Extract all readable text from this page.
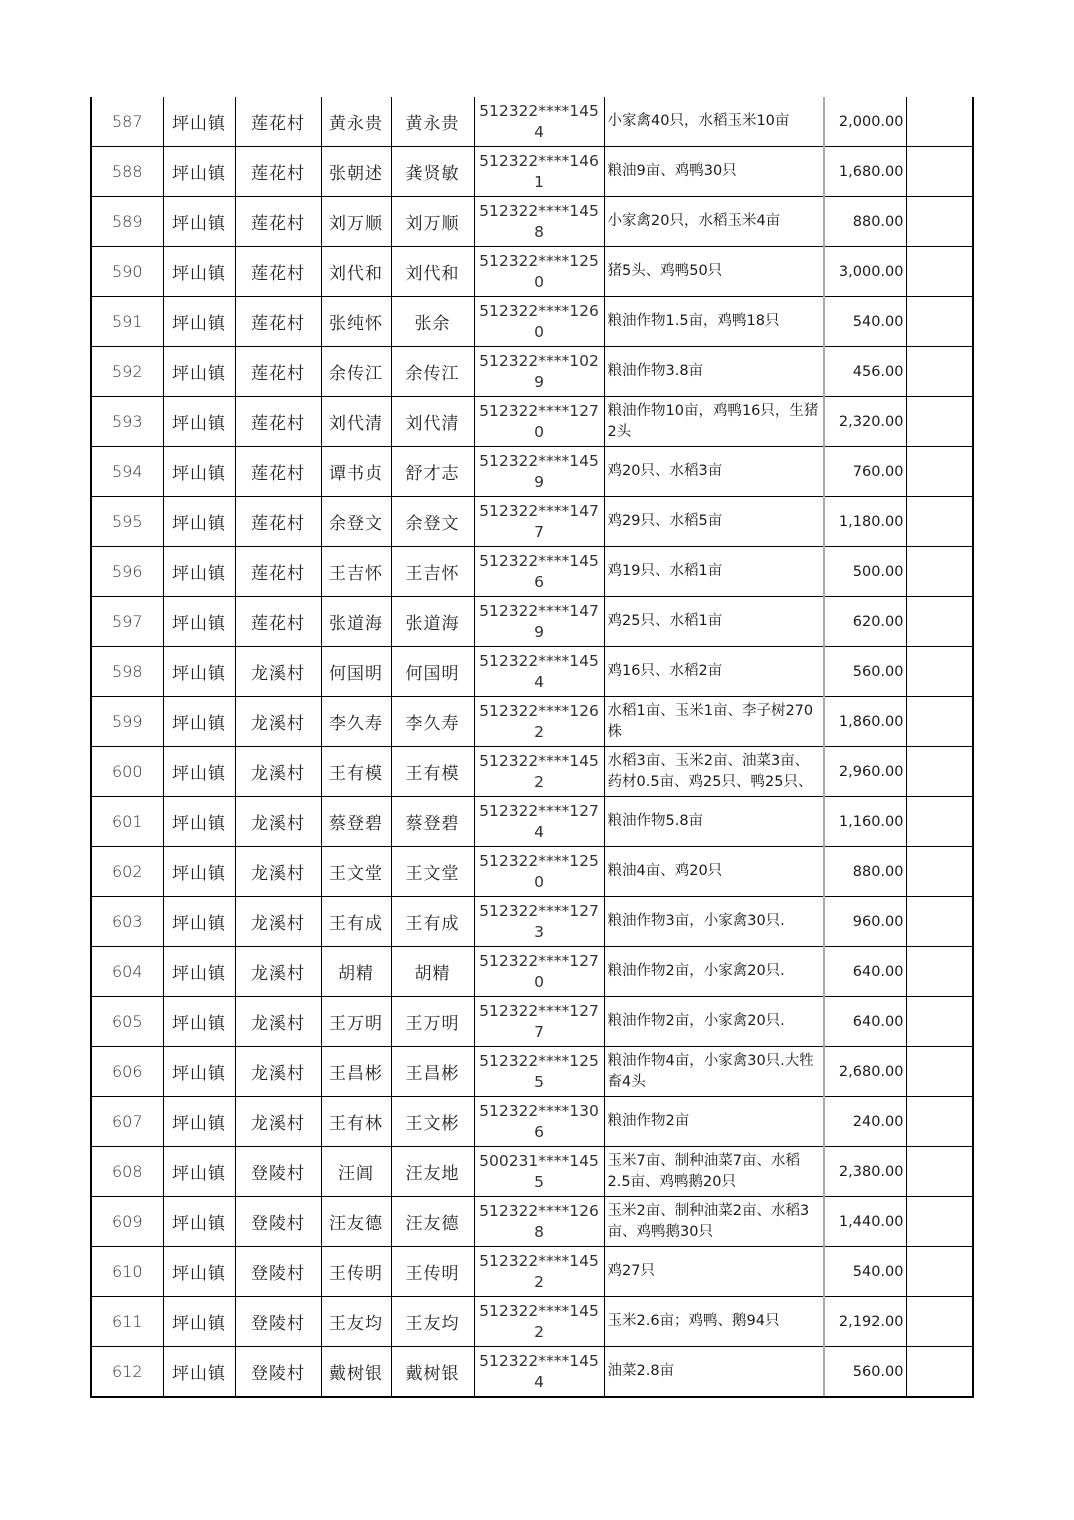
587	坪山镇	莲花村	黄永贵	黄永贵	512322****1454	小家禽40只，水稻玉米10亩	2,000.00	
588	坪山镇	莲花村	张朝述	龚贤敏	512322****1461	粮油9亩、鸡鸭30只	1,680.00	
589	坪山镇	莲花村	刘万顺	刘万顺	512322****1458	小家禽20只，水稻玉米4亩	880.00	
590	坪山镇	莲花村	刘代和	刘代和	512322****1250	猪5头、鸡鸭50只	3,000.00	
591	坪山镇	莲花村	张纯怀	张余	512322****1260	粮油作物1.5亩，鸡鸭18只	540.00	
592	坪山镇	莲花村	余传江	余传江	512322****1029	粮油作物3.8亩	456.00	
593	坪山镇	莲花村	刘代清	刘代清	512322****1270	粮油作物10亩，鸡鸭16只，生猪2头	2,320.00	
594	坪山镇	莲花村	谭书贞	舒才志	512322****1459	鸡20只、水稻3亩	760.00	
595	坪山镇	莲花村	余登文	余登文	512322****1477	鸡29只、水稻5亩	1,180.00	
596	坪山镇	莲花村	王吉怀	王吉怀	512322****1456	鸡19只、水稻1亩	500.00	
597	坪山镇	莲花村	张道海	张道海	512322****1479	鸡25只、水稻1亩	620.00	
598	坪山镇	龙溪村	何国明	何国明	512322****1454	鸡16只、水稻2亩	560.00	
599	坪山镇	龙溪村	李久寿	李久寿	512322****1262	水稻1亩、玉米1亩、李子树270株	1,860.00	
600	坪山镇	龙溪村	王有模	王有模	512322****1452	水稻3亩、玉米2亩、油菜3亩、药材0.5亩、鸡25只、鸭25只、	2,960.00	
601	坪山镇	龙溪村	蔡登碧	蔡登碧	512322****1274	粮油作物5.8亩	1,160.00	
602	坪山镇	龙溪村	王文堂	王文堂	512322****1250	粮油4亩、鸡20只	880.00	
603	坪山镇	龙溪村	王有成	王有成	512322****1273	粮油作物3亩，小家禽30只.	960.00	
604	坪山镇	龙溪村	胡精	胡精	512322****1270	粮油作物2亩，小家禽20只.	640.00	
605	坪山镇	龙溪村	王万明	王万明	512322****1277	粮油作物2亩，小家禽20只.	640.00	
606	坪山镇	龙溪村	王昌彬	王昌彬	512322****1255	粮油作物4亩，小家禽30只.大牲畜4头	2,680.00	
607	坪山镇	龙溪村	王有林	王文彬	512322****1306	粮油作物2亩	240.00	
608	坪山镇	登陵村	汪阊	汪友地	500231****1455	玉米7亩、制种油菜7亩、水稻2.5亩、鸡鸭鹅20只	2,380.00	
609	坪山镇	登陵村	汪友德	汪友德	512322****1268	玉米2亩、制种油菜2亩、水稻3亩、鸡鸭鹅30只	1,440.00	
610	坪山镇	登陵村	王传明	王传明	512322****1452	鸡27只	540.00	
611	坪山镇	登陵村	王友均	王友均	512322****1452	玉米2.6亩；鸡鸭、鹅94只	2,192.00	
612	坪山镇	登陵村	戴树银	戴树银	512322****1454	油菜2.8亩	560.00	
